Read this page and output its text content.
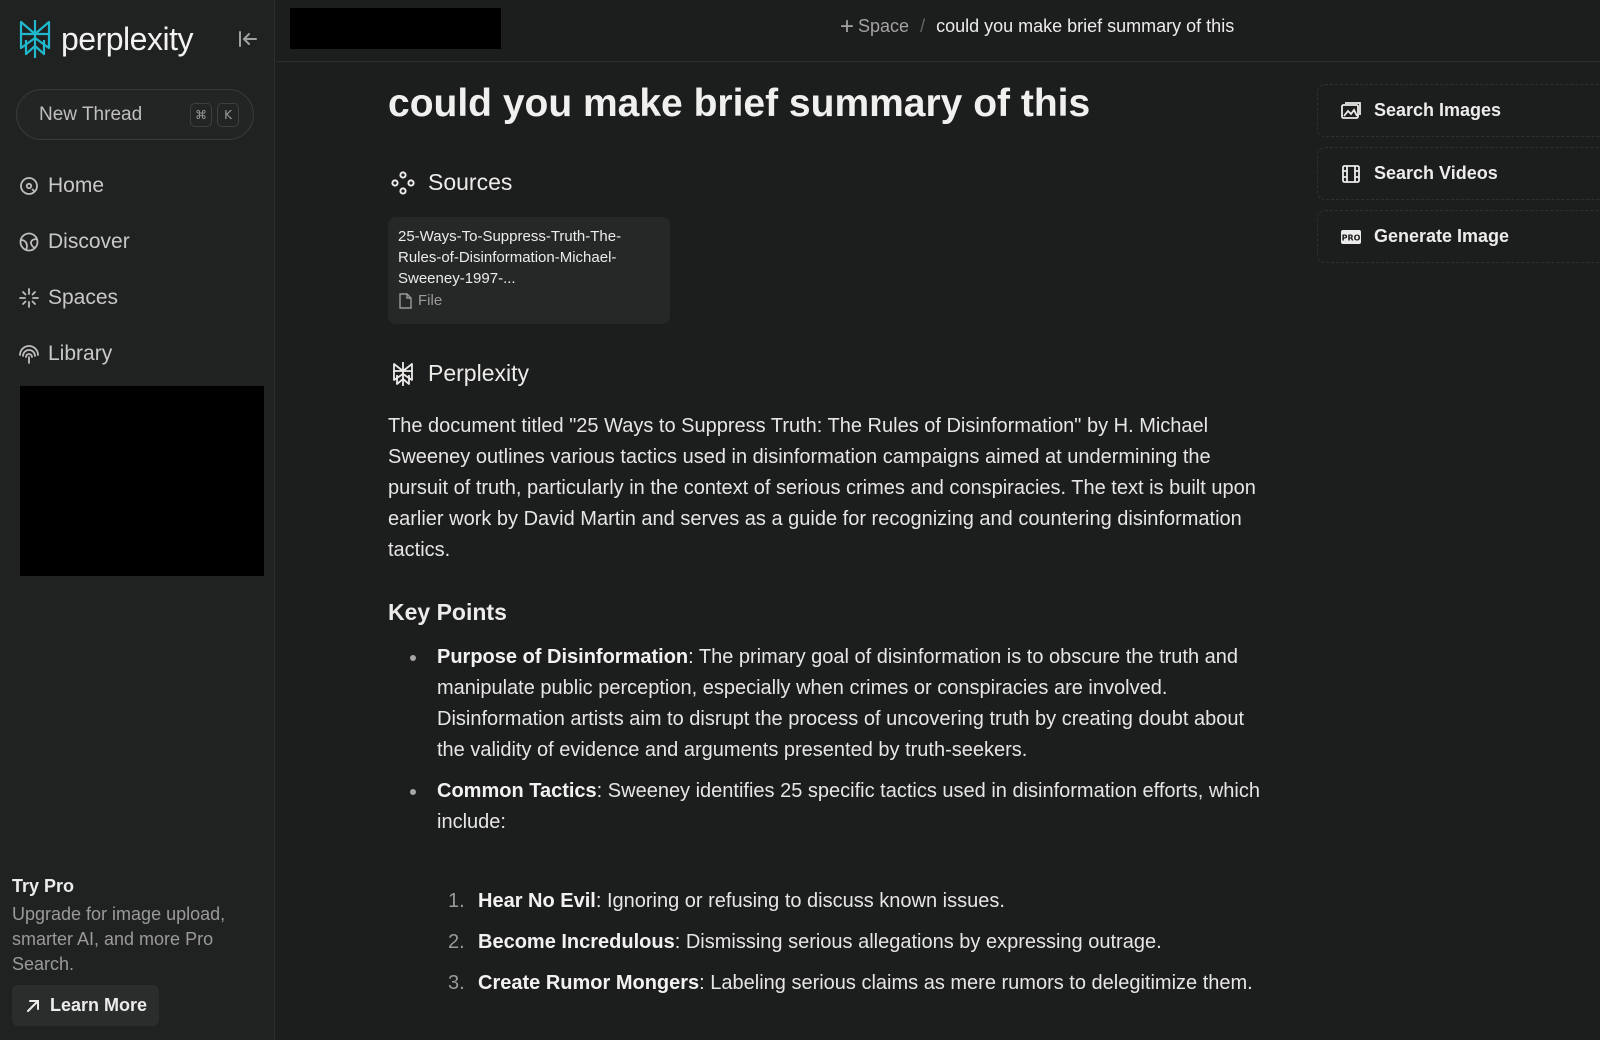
perplexity
New Thread	⌘	K
Home
Discover
Spaces
Library
Try Pro
Upgrade for image upload, smarter AI, and more Pro Search.
Learn More
+ Space / could you make brief summary of this
could you make brief summary of this
Sources
25-Ways-To-Suppress-Truth-The-Rules-of-Disinformation-Michael-Sweeney-1997-...
File
Perplexity

The document titled "25 Ways to Suppress Truth: The Rules of Disinformation" by H. Michael Sweeney outlines various tactics used in disinformation campaigns aimed at undermining the pursuit of truth, particularly in the context of serious crimes and conspiracies. The text is built upon earlier work by David Martin and serves as a guide for recognizing and countering disinformation tactics.

Key Points
Purpose of Disinformation: The primary goal of disinformation is to obscure the truth and manipulate public perception, especially when crimes or conspiracies are involved. Disinformation artists aim to disrupt the process of uncovering truth by creating doubt about the validity of evidence and arguments presented by truth-seekers.
Common Tactics: Sweeney identifies 25 specific tactics used in disinformation efforts, which include:
1. Hear No Evil: Ignoring or refusing to discuss known issues.
2. Become Incredulous: Dismissing serious allegations by expressing outrage.
3. Create Rumor Mongers: Labeling serious claims as mere rumors to delegitimize them.
Search Images
Search Videos
PRO Generate Image
